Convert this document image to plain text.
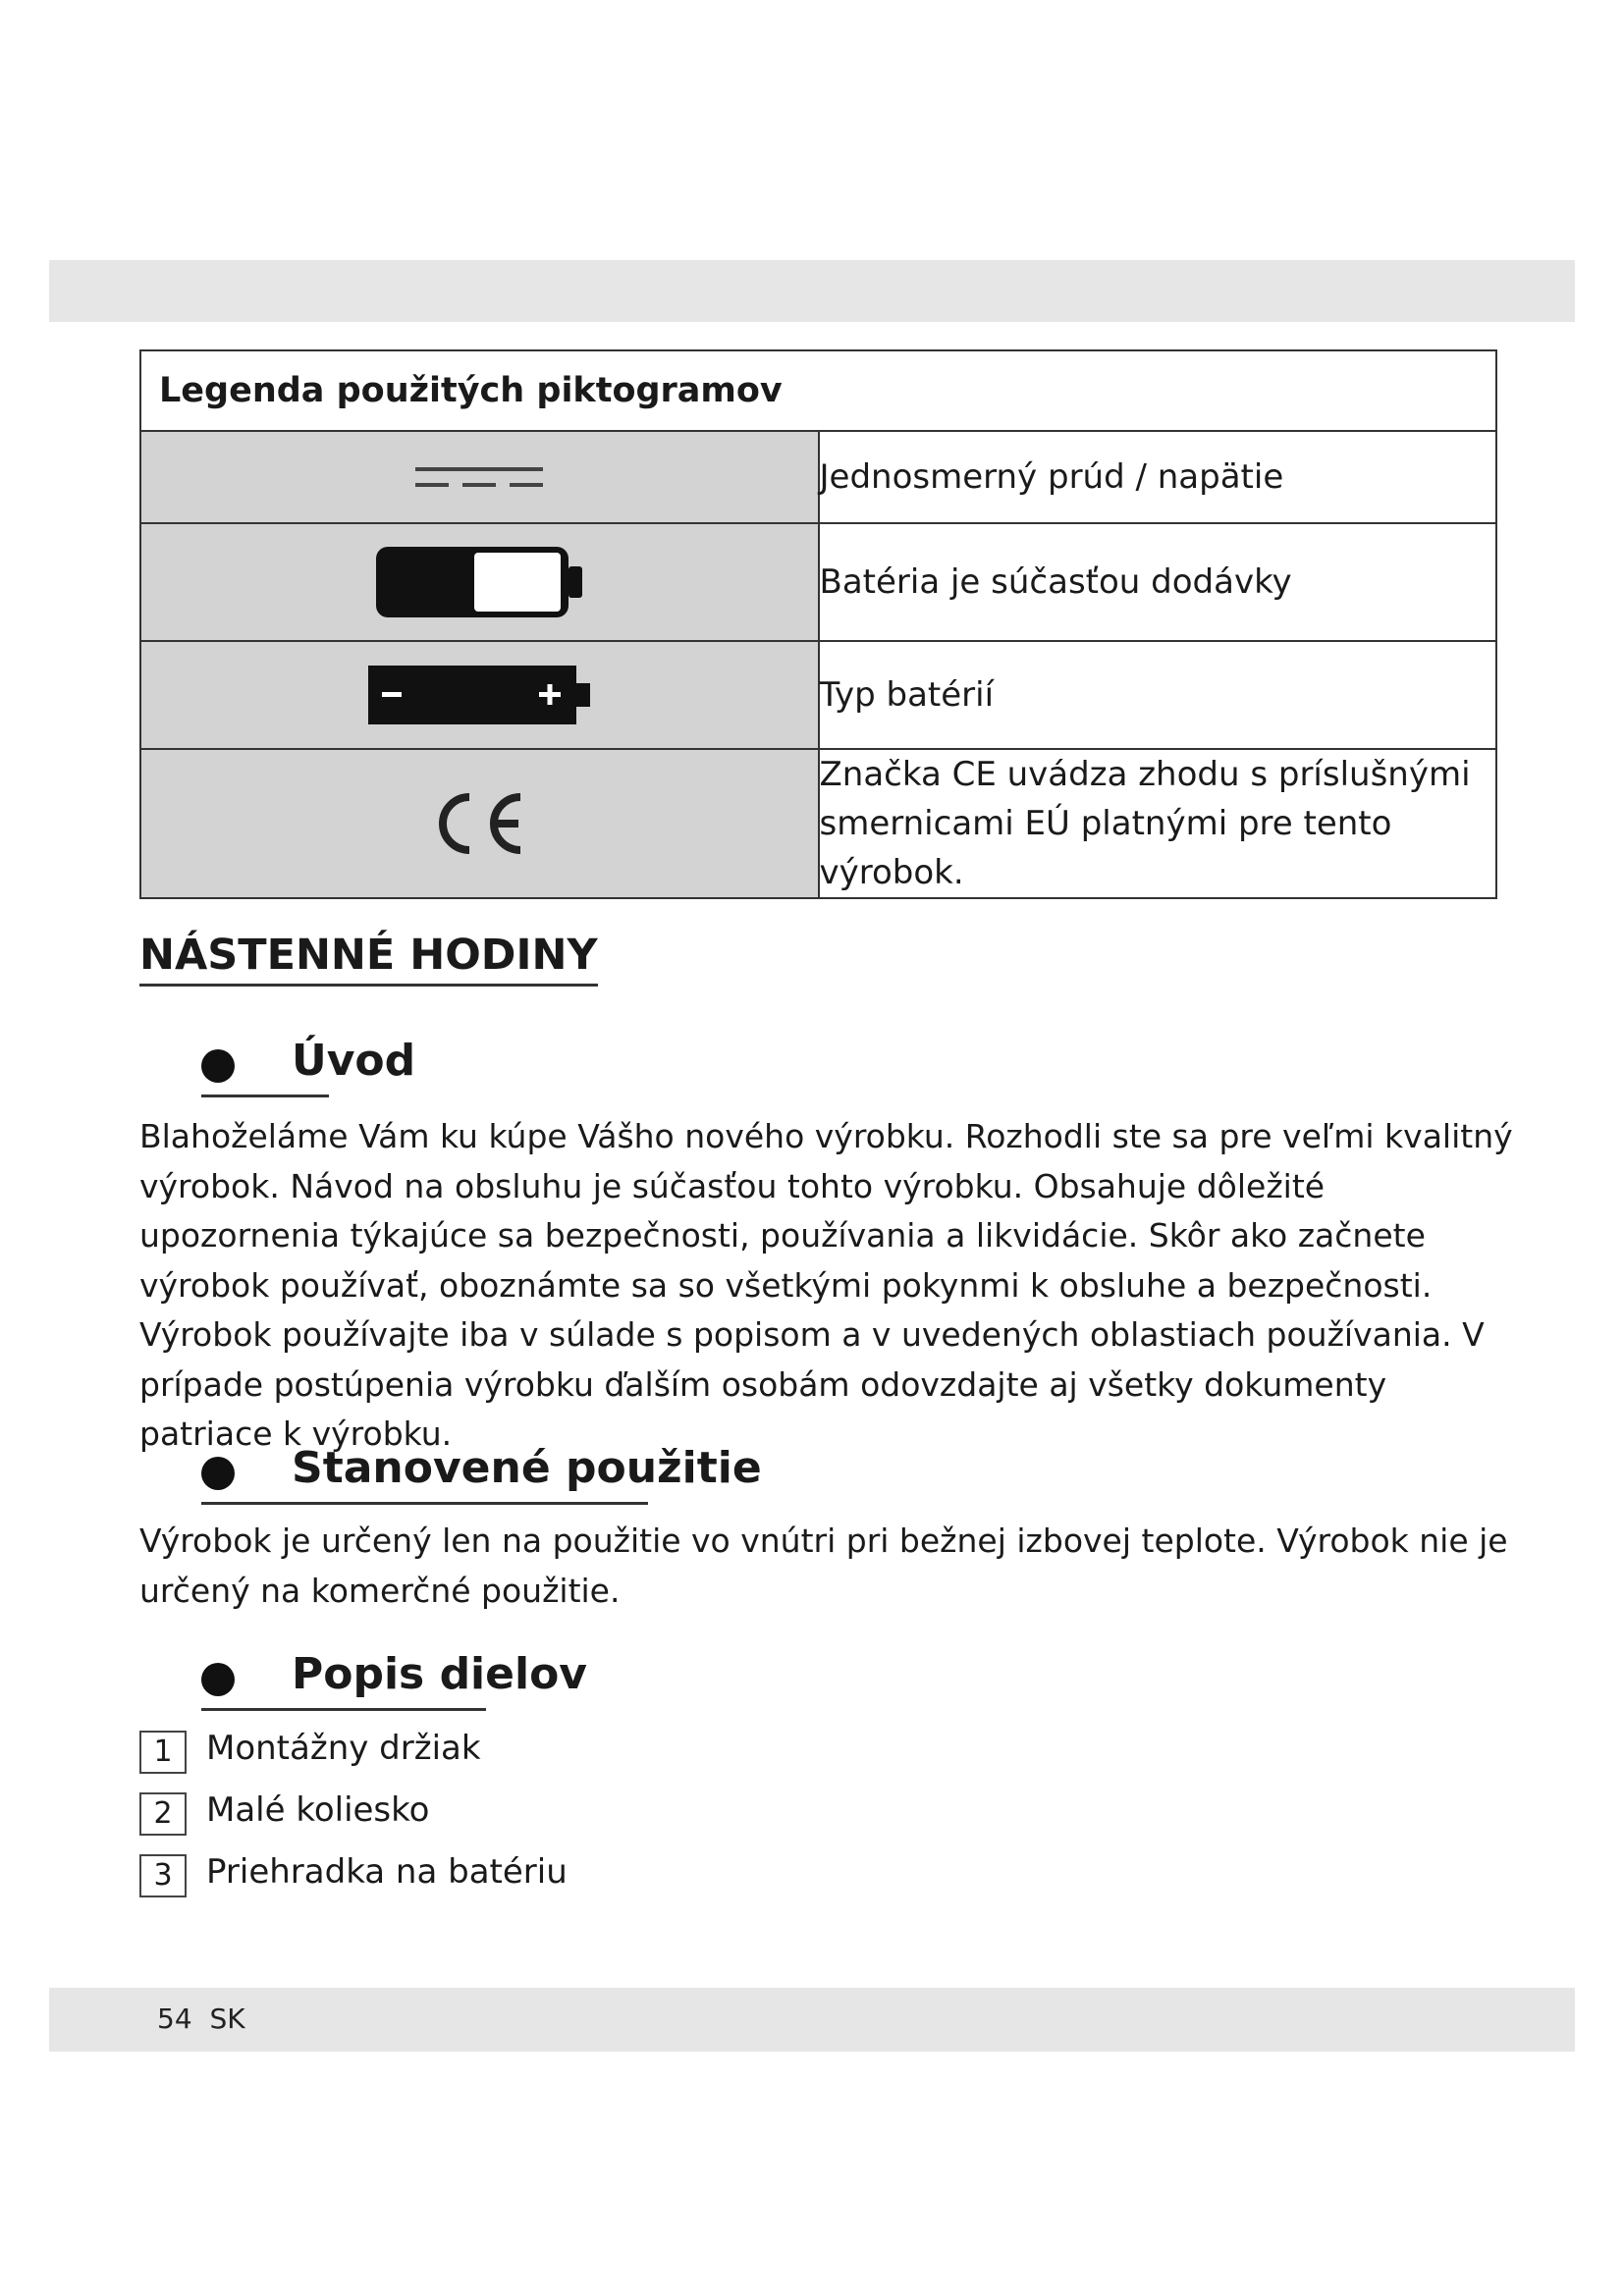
Legenda použitých piktogramov	

	Jednosmerný prúd / napätie

	Batéria je súčasťou dodávky

	Typ batérií

	Značka CE uvádza zhodu s príslušnými smernicami EÚ platnými pre tento výrobok.
NÁSTENNÉ HODINY
Úvod

Blahoželáme Vám ku kúpe Vášho nového výrobku. Rozhodli ste sa pre veľmi kvalitný výrobok. Návod na obsluhu je súčasťou tohto výrobku. Obsahuje dôležité upozornenia týkajúce sa bezpečnosti, používania a likvidácie. Skôr ako začnete výrobok používať, oboznámte sa so všetkými pokynmi k obsluhe a bezpečnosti. Výrobok používajte iba v súlade s popisom a v uvedených oblastiach používania. V prípade postúpenia výrobku ďalším osobám odovzdajte aj všetky dokumenty patriace k výrobku.

Stanovené použitie

Výrobok je určený len na použitie vo vnútri pri bežnej izbovej teplote. Výrobok nie je určený na komerčné použitie.

Popis dielov
1	Montážny držiak
2	Malé koliesko
3	Priehradka na batériu
54 SK
